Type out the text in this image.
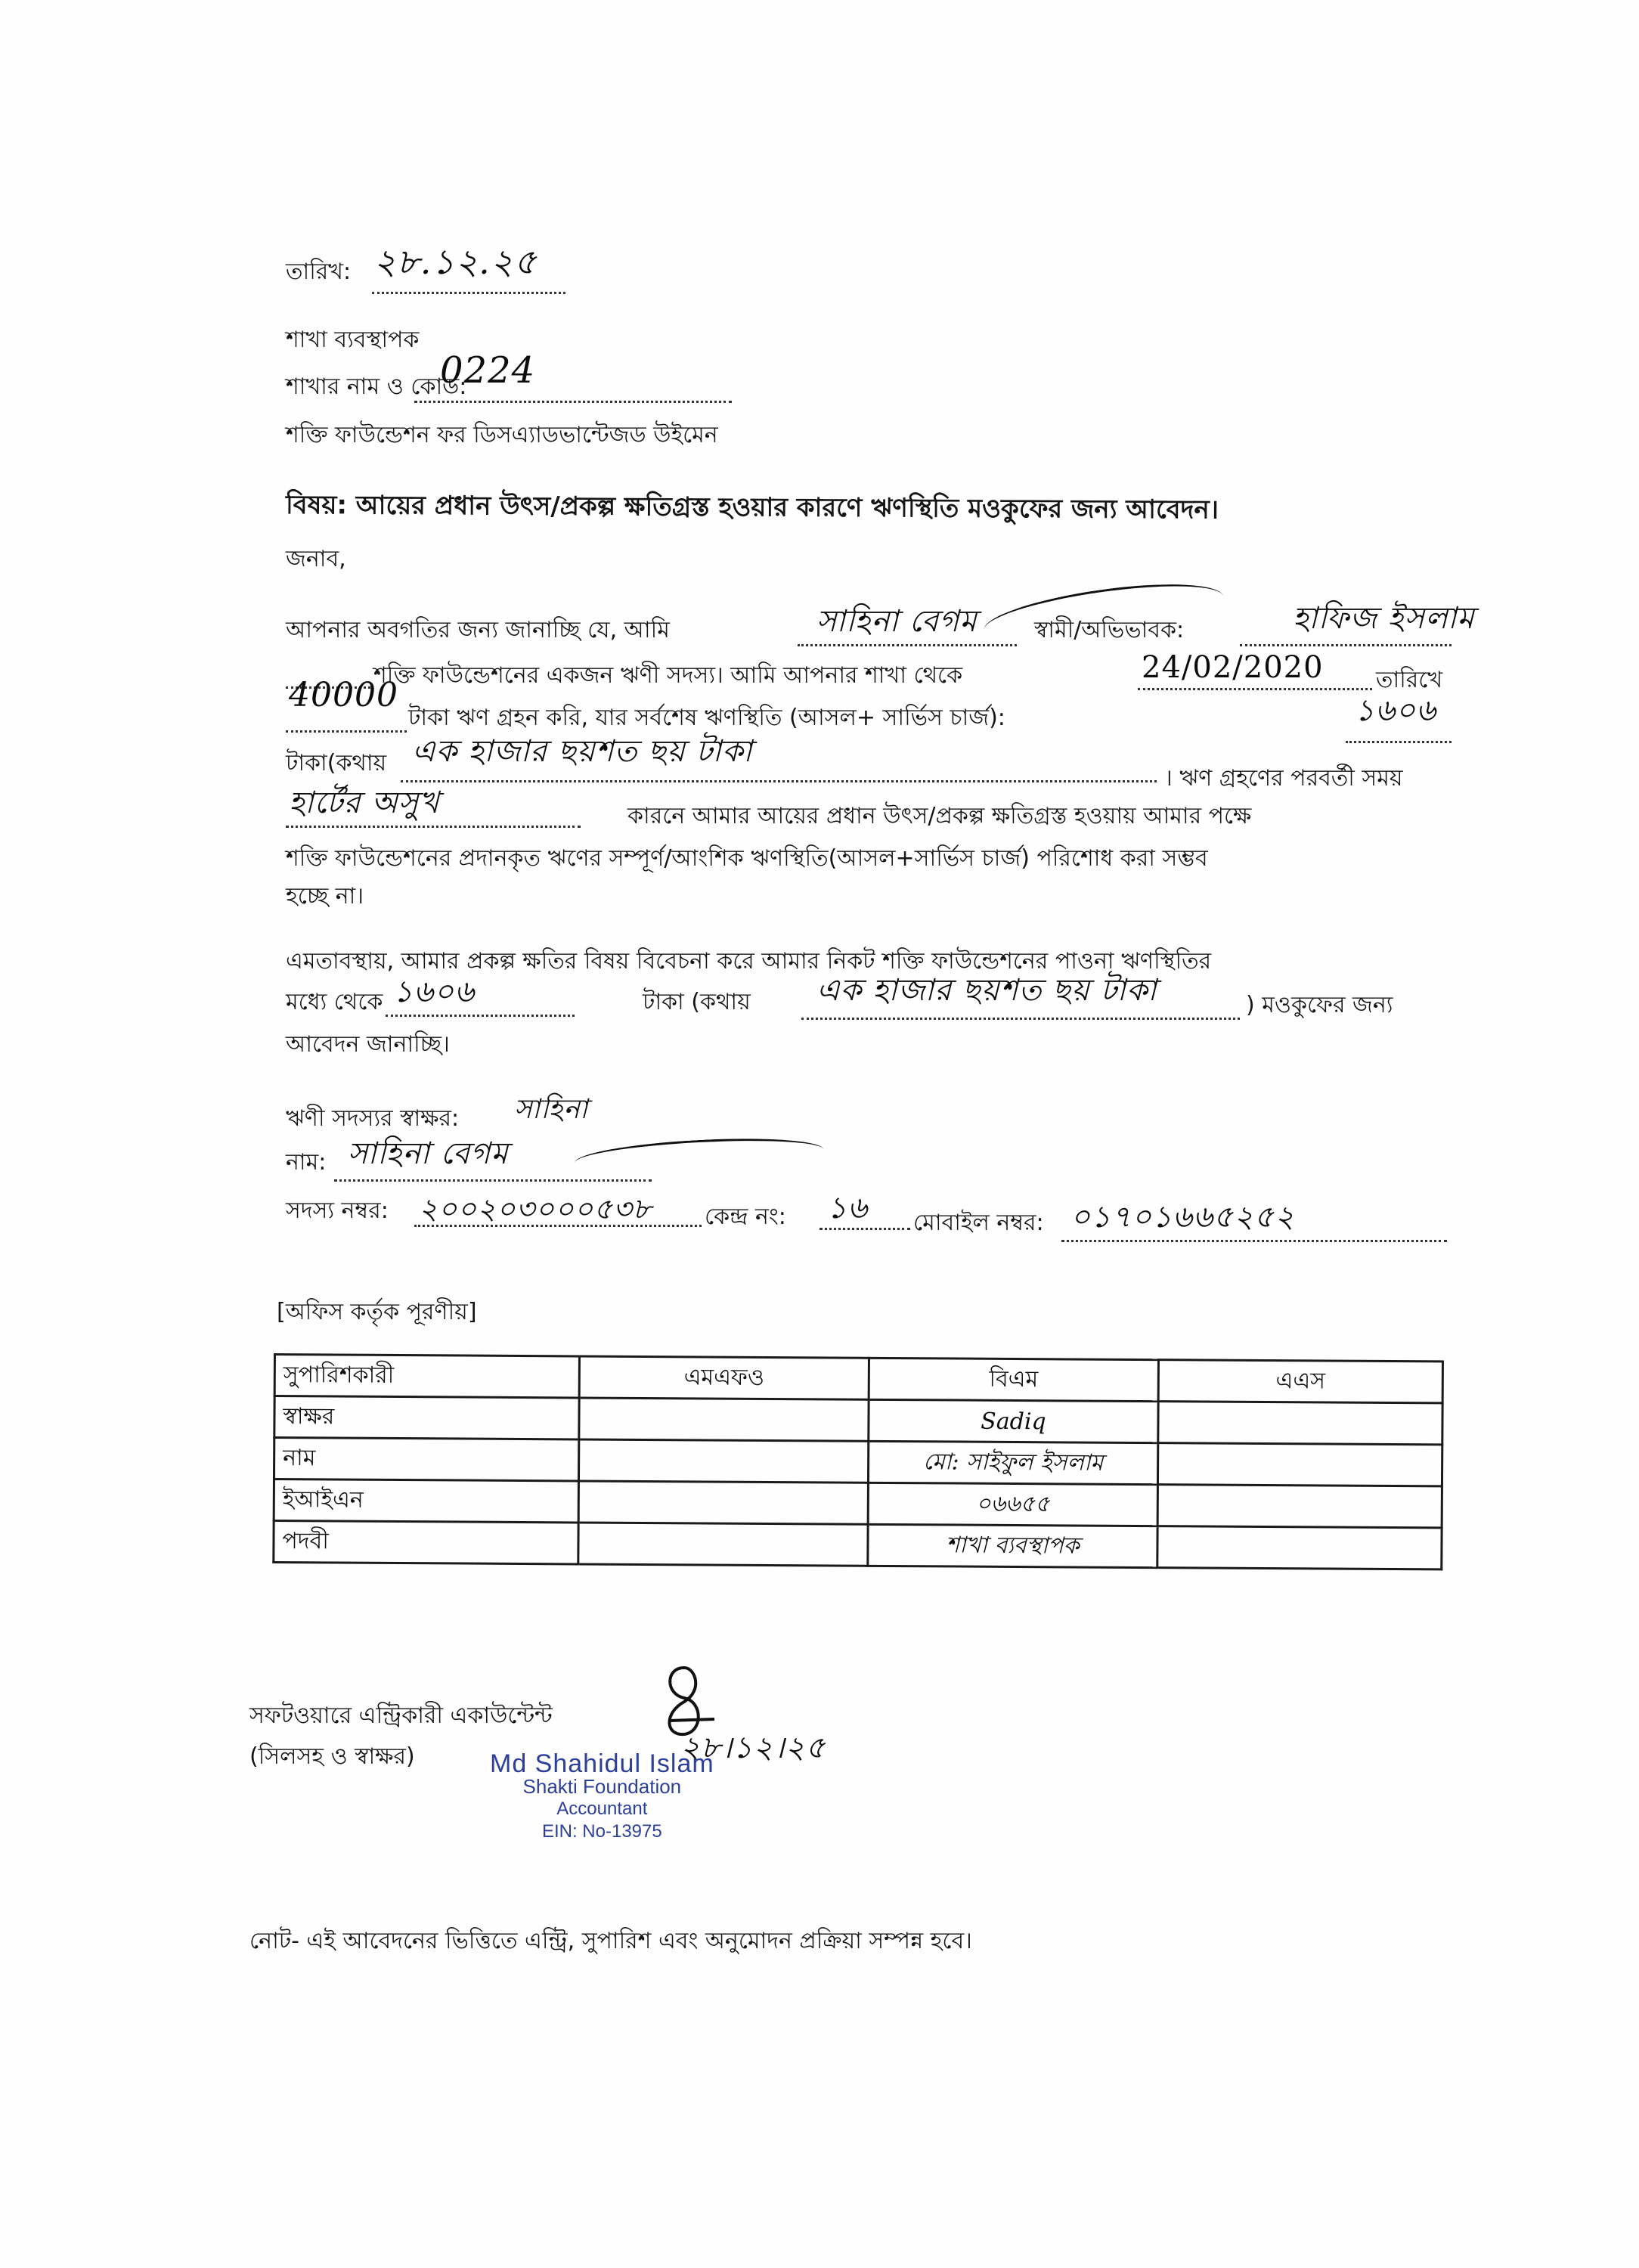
তারিখ: ২৮.১২.২৫
শাখা ব্যবস্থাপক
শাখার নাম ও কোড:
0224
শক্তি ফাউন্ডেশন ফর ডিসএ্যাডভান্টেজড উইমেন
বিষয়: আয়ের প্রধান উৎস/প্রকল্প ক্ষতিগ্রস্ত হওয়ার কারণে ঋণস্থিতি মওকুফের জন্য আবেদন।
জনাব,
আপনার অবগতির জন্য জানাচ্ছি যে, আমি	সাহিনা বেগম	স্বামী/অভিভাবক:	হাফিজ ইসলাম
শক্তি ফাউন্ডেশনের একজন ঋণী সদস্য। আমি আপনার শাখা থেকে	24/02/2020 তারিখে
40000
টাকা ঋণ গ্রহন করি, যার সর্বশেষ ঋণস্থিতি (আসল+ সার্ভিস চার্জ):	১৬০৬
টাকা(কথায় এক হাজার ছয়শত ছয় টাকা
। ঋণ গ্রহণের পরবর্তী সময়
হার্টের অসুখ	কারনে আমার আয়ের প্রধান উৎস/প্রকল্প ক্ষতিগ্রস্ত হওয়ায় আমার পক্ষে
শক্তি ফাউন্ডেশনের প্রদানকৃত ঋণের সম্পূর্ণ/আংশিক ঋণস্থিতি(আসল+সার্ভিস চার্জ) পরিশোধ করা সম্ভব
হচ্ছে না।
এমতাবস্থায়, আমার প্রকল্প ক্ষতির বিষয় বিবেচনা করে আমার নিকট শক্তি ফাউন্ডেশনের পাওনা ঋণস্থিতির
মধ্যে থেকে ১৬০৬	টাকা (কথায় এক হাজার ছয়শত ছয় টাকা	) মওকুফের জন্য
আবেদন জানাচ্ছি।
ঋণী সদস্যর স্বাক্ষর: সাহিনা
নাম: সাহিনা বেগম
সদস্য নম্বর: ২০০২০৩০০০৫৩৮ কেন্দ্র নং: ১৬ মোবাইল নম্বর: ০১৭০১৬৬৫২৫২
[অফিস কর্তৃক পূরণীয়]
সুপারিশকারী	এমএফও	বিএম	এএস
স্বাক্ষর		Sadiq	
নাম		মো: সাইফুল ইসলাম	
ইআইএন		০৬৬৫৫	
পদবী		শাখা ব্যবস্থাপক	
সফটওয়ারে এন্ট্রিকারী একাউন্টেন্ট
(সিলসহ ও স্বাক্ষর)	২৮।১২।২৫
Md Shahidul Islam
Shakti Foundation
Accountant
EIN: No-13975
নোট- এই আবেদনের ভিত্তিতে এন্ট্রি, সুপারিশ এবং অনুমোদন প্রক্রিয়া সম্পন্ন হবে।
